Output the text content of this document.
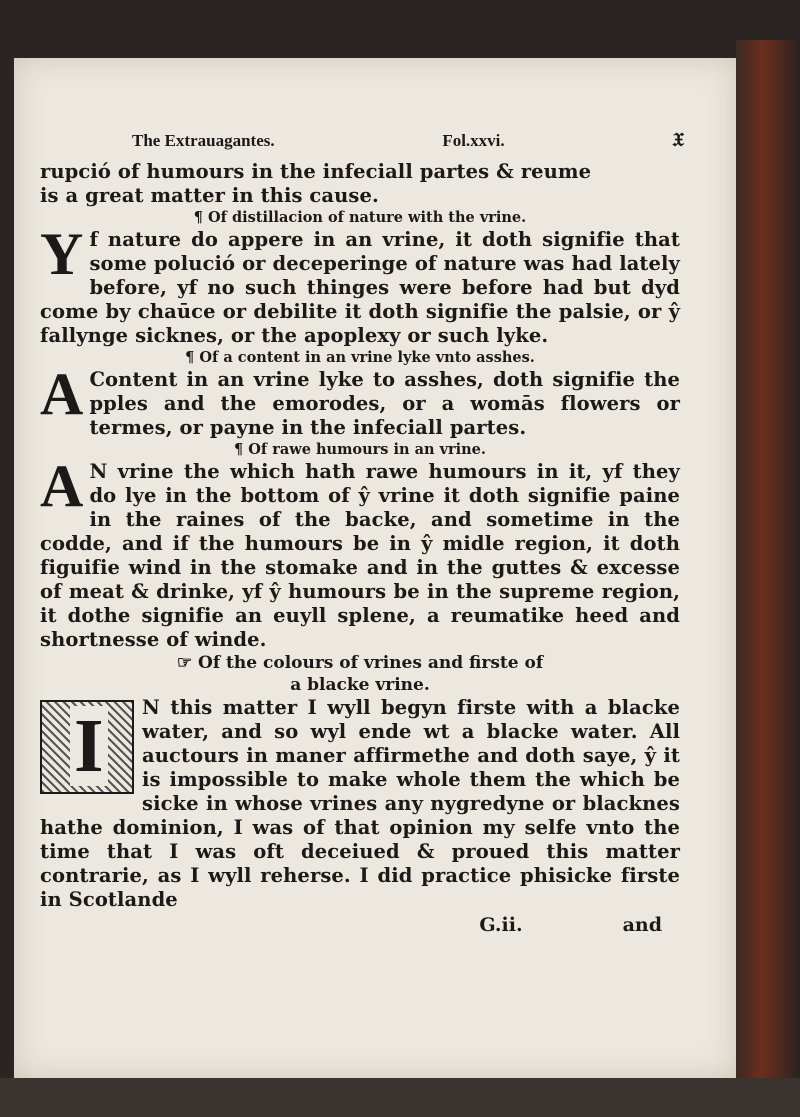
The Extrauagantes.	Fol.xxvi.	𝔛

rupció of humours in the infeciall partes & reume

is a great matter in this cause.

¶ Of distillacion of nature with the vrine.

Yf nature do appere in an vrine, it doth signifie that some polució or deceperinge of nature was had lately before, yf no such thinges were before had but dyd come by chaūce or debilite it doth signifie the palsie, or ŷ fallynge sicknes, or the apoplexy or such lyke.

¶ Of a content in an vrine lyke vnto asshes.

A Content in an vrine lyke to asshes, doth signifie the pples and the emorodes, or a womās flowers or termes, or payne in the infeciall partes.

¶ Of rawe humours in an vrine.

A N vrine the which hath rawe humours in it, yf they do lye in the bottom of ŷ vrine it doth signifie paine in the raines of the backe, and sometime in the codde, and if the humours be in ŷ midle region, it doth figuifie wind in the stomake and in the guttes & excesse of meat & drinke, yf ŷ humours be in the supreme region, it dothe signifie an euyll splene, a reumatike heed and shortnesse of winde.

☞ Of the colours of vrines and firste of
a blacke vrine.

I N this matter I wyll begyn firste with a blacke water, and so wyl ende wt a blacke water. All auctours in maner affirmethe and doth saye, ŷ it is impossible to make whole them the which be sicke in whose vrines any nygredyne or blacknes hathe dominion, I was of that opinion my selfe vnto the time that I was oft deceiued & proued this matter contrarie, as I wyll reherse. I did practice phisicke firste in Scotlande

G.ii.	and
